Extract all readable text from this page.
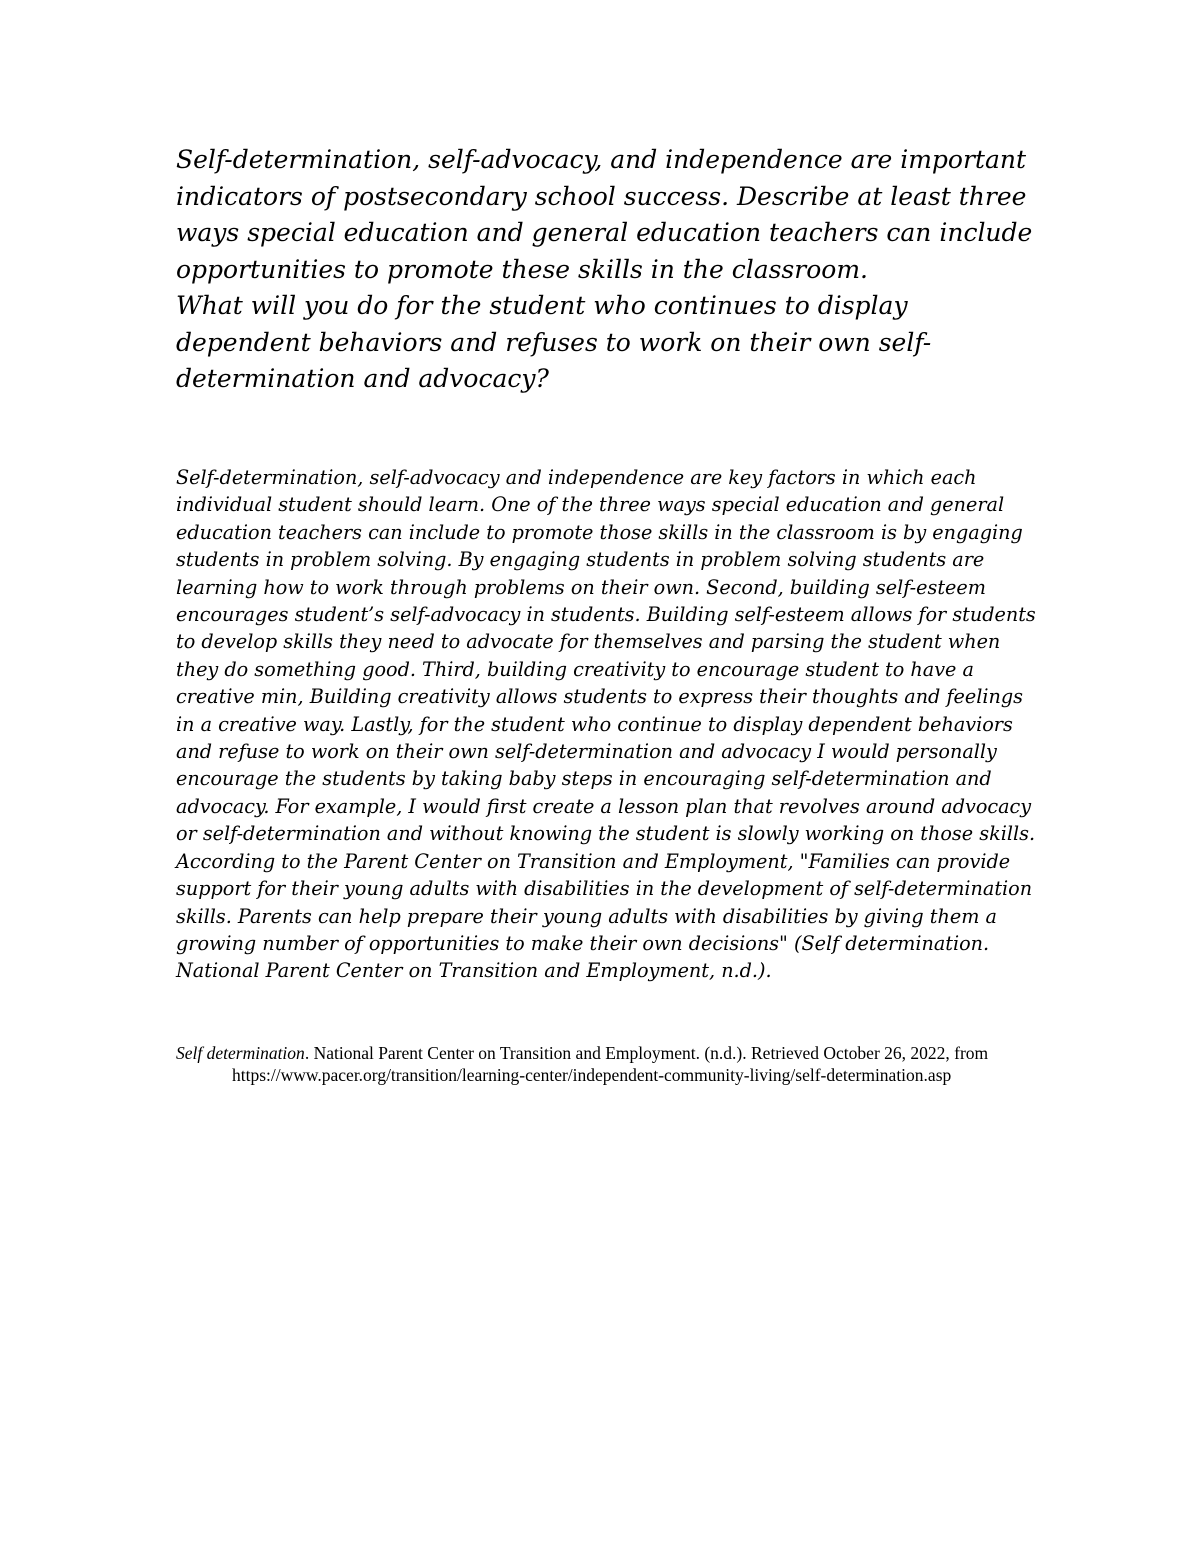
Self-determination, self-advocacy, and independence are important indicators of postsecondary school success. Describe at least three ways special education and general education teachers can include opportunities to promote these skills in the classroom.

What will you do for the student who continues to display dependent behaviors and refuses to work on their own self-determination and advocacy?

Self-determination, self-advocacy and independence are key factors in which each individual student should learn. One of the three ways special education and general education teachers can include to promote those skills in the classroom is by engaging students in problem solving. By engaging students in problem solving students are learning how to work through problems on their own. Second, building self-esteem encourages student’s self-advocacy in students. Building self-esteem allows for students to develop skills they need to advocate for themselves and parsing the student when they do something good. Third, building creativity to encourage student to have a creative min, Building creativity allows students to express their thoughts and feelings in a creative way. Lastly, for the student who continue to display dependent behaviors and refuse to work on their own self-determination and advocacy I would personally encourage the students by taking baby steps in encouraging self-determination and advocacy. For example, I would first create a lesson plan that revolves around advocacy or self-determination and without knowing the student is slowly working on those skills. According to the Parent Center on Transition and Employment, "Families can provide support for their young adults with disabilities in the development of self-determination skills. Parents can help prepare their young adults with disabilities by giving them a growing number of opportunities to make their own decisions" (Self determination. National Parent Center on Transition and Employment, n.d.).

Self determination. National Parent Center on Transition and Employment. (n.d.). Retrieved October 26, 2022, from https://www.pacer.org/transition/learning-center/independent-community-living/self-determination.asp
